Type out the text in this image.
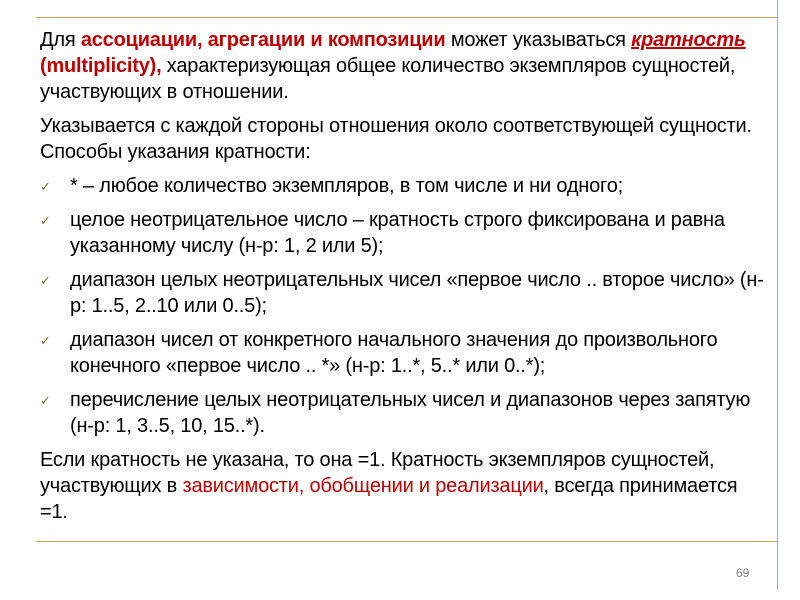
Для ассоциации, агрегации и композиции может указываться кратность (multiplicity), характеризующая общее количество экземпляров сущностей, участвующих в отношении.

Указывается с каждой стороны отношения около соответствующей сущности. Способы указания кратности:

✓ * – любое количество экземпляров, в том числе и ни одного;
✓ целое неотрицательное число – кратность строго фиксирована и равна указанному числу (н-р: 1, 2 или 5);
✓ диапазон целых неотрицательных чисел «первое число .. второе число» (н-р: 1..5, 2..10 или 0..5);
✓ диапазон чисел от конкретного начального значения до произвольного конечного «первое число .. *» (н-р: 1..*, 5..* или 0..*);
✓ перечисление целых неотрицательных чисел и диапазонов через запятую (н-р: 1, 3..5, 10, 15..*).

Если кратность не указана, то она =1. Кратность экземпляров сущностей, участвующих в зависимости, обобщении и реализации, всегда принимается =1.

69
